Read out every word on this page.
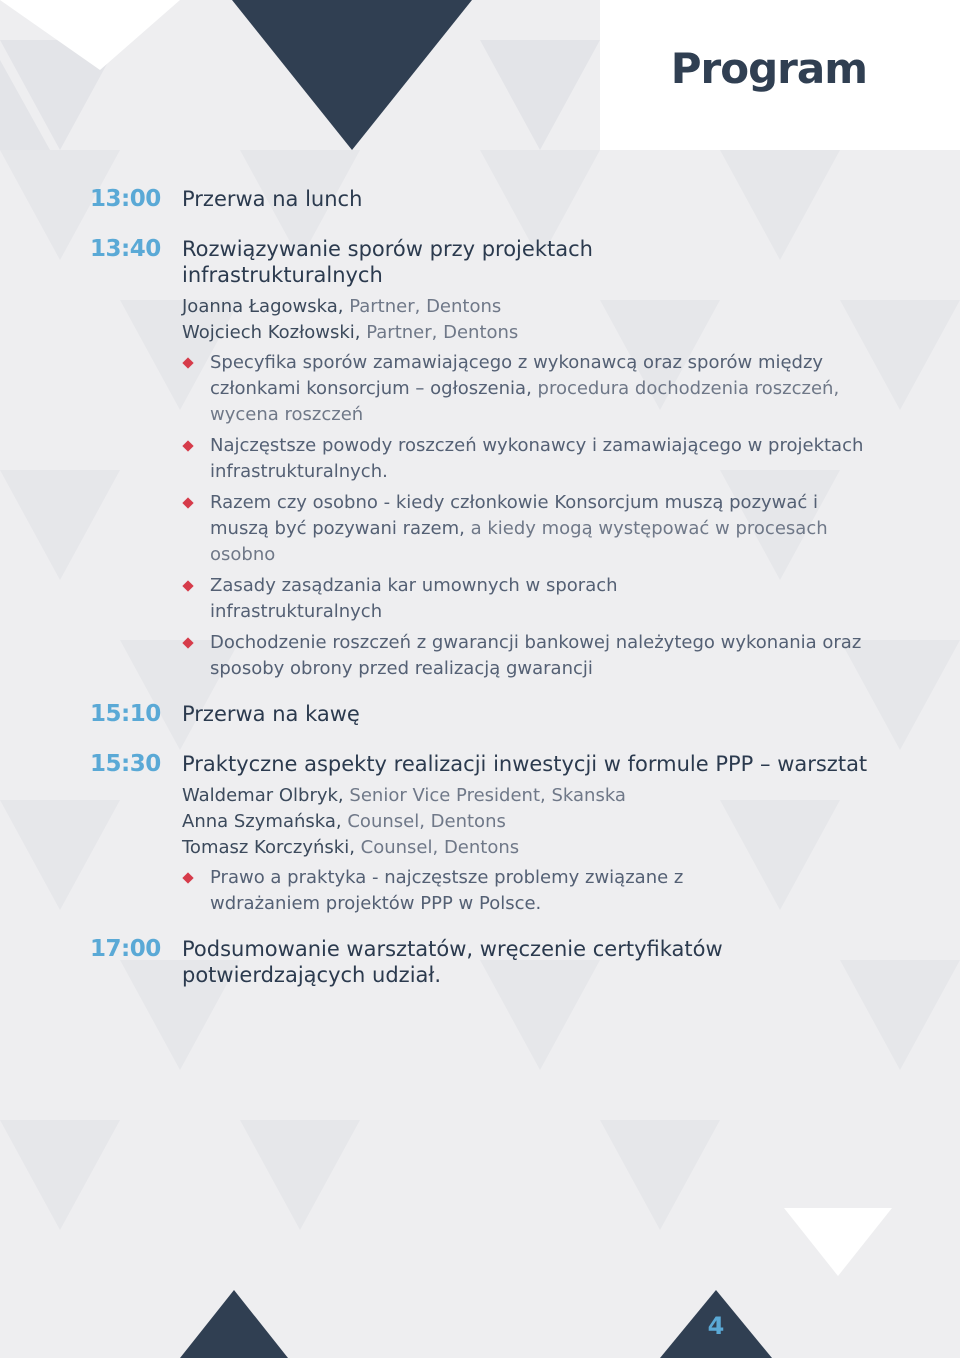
Program
13:00	Przerwa na lunch
13:40	Rozwiązywanie sporów przy projektach infrastrukturalnych
Joanna Łagowska, Partner, Dentons
Wojciech Kozłowski, Partner, Dentons
Specyfika sporów zamawiającego z wykonawcą oraz sporów między członkami konsorcjum – ogłoszenia, procedura dochodzenia roszczeń, wycena roszczeń
Najczęstsze powody roszczeń wykonawcy i zamawiającego w projektach infrastrukturalnych.
Razem czy osobno - kiedy członkowie Konsorcjum muszą pozywać i muszą być pozywani razem, a kiedy mogą występować w procesach osobno
Zasady zasądzania kar umownych w sporach infrastrukturalnych
Dochodzenie roszczeń z gwarancji bankowej należytego wykonania oraz sposoby obrony przed realizacją gwarancji
15:10	Przerwa na kawę
15:30	Praktyczne aspekty realizacji inwestycji w formule PPP – warsztat
Waldemar Olbryk, Senior Vice President, Skanska
Anna Szymańska, Counsel, Dentons
Tomasz Korczyński, Counsel, Dentons
Prawo a praktyka - najczęstsze problemy związane z wdrażaniem projektów PPP w Polsce.
17:00	Podsumowanie warsztatów, wręczenie certyfikatów potwierdzających udział.
4
